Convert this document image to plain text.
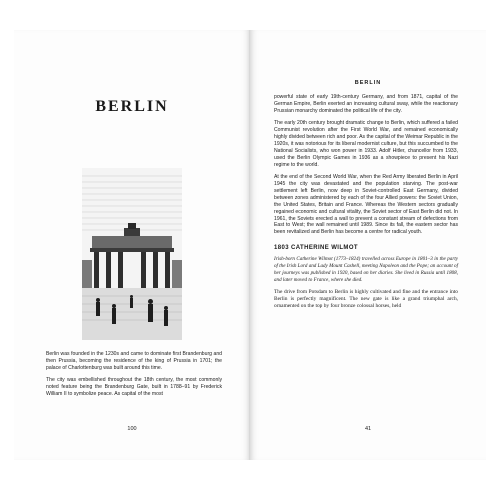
BERLIN

Berlin was founded in the 1230s and came to dominate first Brandenburg and then Prussia, becoming the residence of the king of Prussia in 1701; the palace of Charlottenburg was built around this time.

The city was embellished throughout the 18th century, the most commonly noted feature being the Brandenburg Gate, built in 1788–91 by Frederick William II to symbolize peace. As capital of the most

100
BERLIN

powerful state of early 19th-century Germany, and from 1871, capital of the German Empire, Berlin exerted an increasing cultural sway, while the reactionary Prussian monarchy dominated the political life of the city.

The early 20th century brought dramatic change to Berlin, which suffered a failed Communist revolution after the First World War, and remained economically highly divided between rich and poor. As the capital of the Weimar Republic in the 1920s, it was notorious for its liberal modernist culture, but this succumbed to the National Socialists, who won power in 1933. Adolf Hitler, chancellor from 1933, used the Berlin Olympic Games in 1936 as a showpiece to present his Nazi regime to the world.

At the end of the Second World War, when the Red Army liberated Berlin in April 1945 the city was devastated and the population starving. The post-war settlement left Berlin, now deep in Soviet-controlled East Germany, divided between zones administered by each of the four Allied powers: the Soviet Union, the United States, Britain and France. Whereas the Western sectors gradually regained economic and cultural vitality, the Soviet sector of East Berlin did not. In 1961, the Soviets erected a wall to prevent a constant stream of defections from East to West; the wall remained until 1989. Since its fall, the eastern sector has been revitalized and Berlin has become a centre for radical youth.

1803 CATHERINE WILMOT

Irish-born Catherine Wilmot (1773–1824) travelled across Europe in 1801–3 in the party of the Irish Lord and Lady Mount Cashell, meeting Napoleon and the Pope; an account of her journeys was published in 1920, based on her diaries. She lived in Russia until 1808, and later moved to France, where she died.

The drive from Potsdam to Berlin is highly cultivated and fine and the entrance into Berlin is perfectly magnificent. The new gate is like a grand triumphal arch, ornamented on the top by four bronze colossal horses, held

41
